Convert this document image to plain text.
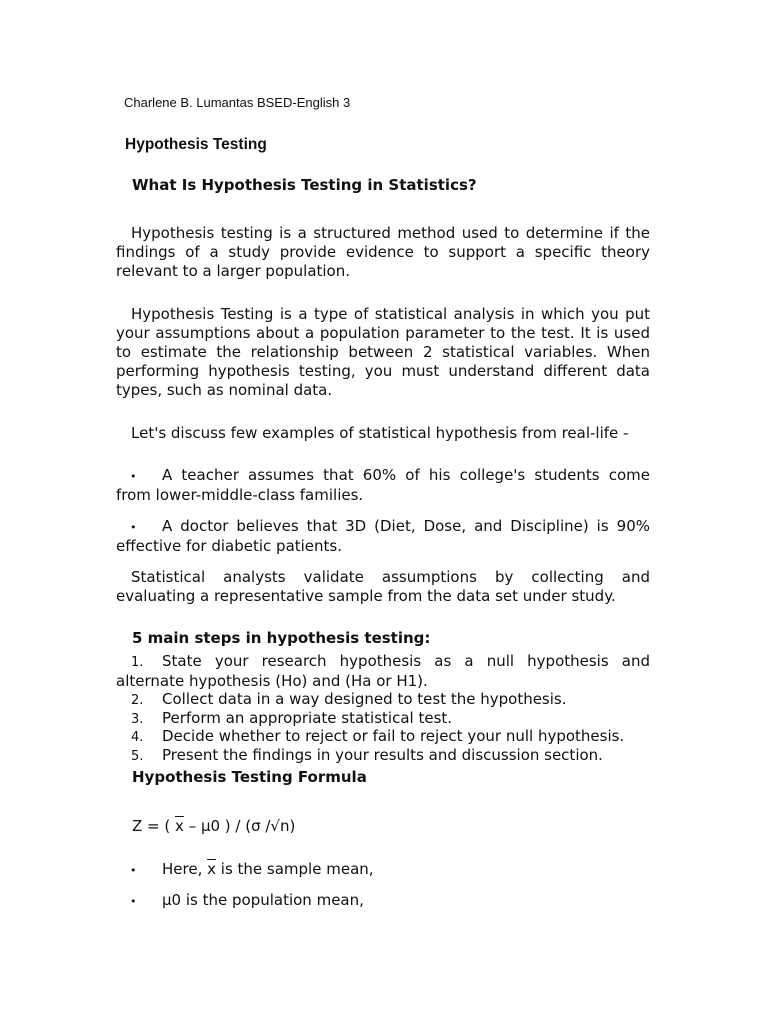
Charlene B. Lumantas BSED-English 3
Hypothesis Testing
What Is Hypothesis Testing in Statistics?
Hypothesis testing is a structured method used to determine if the findings of a study provide evidence to support a specific theory relevant to a larger population.
Hypothesis Testing is a type of statistical analysis in which you put your assumptions about a population parameter to the test. It is used to estimate the relationship between 2 statistical variables. When performing hypothesis testing, you must understand different data types, such as nominal data.
Let's discuss few examples of statistical hypothesis from real-life -
• A teacher assumes that 60% of his college's students come from lower-middle-class families.
• A doctor believes that 3D (Diet, Dose, and Discipline) is 90% effective for diabetic patients.
Statistical analysts validate assumptions by collecting and evaluating a representative sample from the data set under study.
5 main steps in hypothesis testing:
1. State your research hypothesis as a null hypothesis and alternate hypothesis (Ho) and (Ha or H1).
2. Collect data in a way designed to test the hypothesis.
3. Perform an appropriate statistical test.
4. Decide whether to reject or fail to reject your null hypothesis.
5. Present the findings in your results and discussion section.
Hypothesis Testing Formula
Z = ( $\overline{x} - \mu 0$ ) / (σ /√n)
• Here, $\overline{x}$ is the sample mean,
• μ0 is the population mean,
